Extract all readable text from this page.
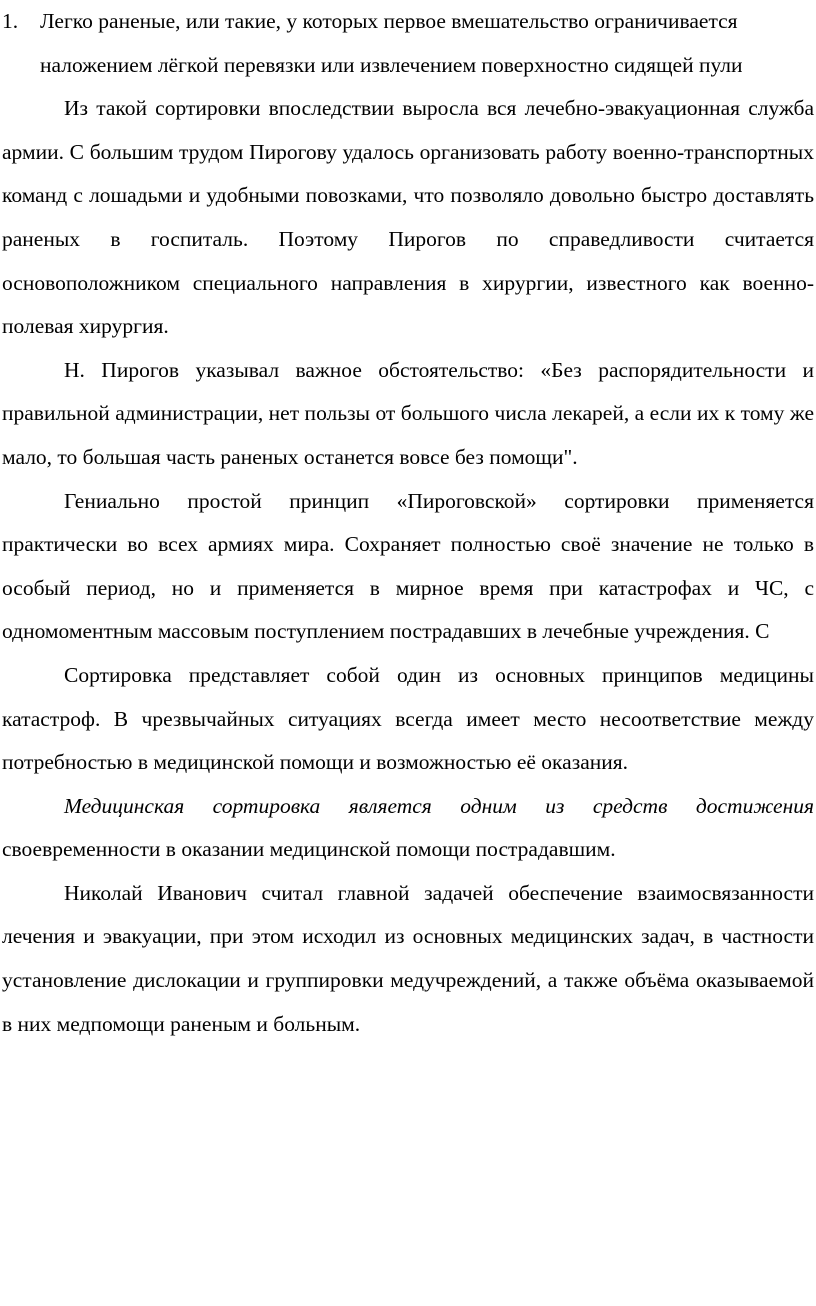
1.	Легко раненые, или такие, у которых первое вмешательство ограничивается наложением лёгкой перевязки или извлечением поверхностно сидящей пули

Из такой сортировки впоследствии выросла вся лечебно-эвакуационная служба армии. С большим трудом Пирогову удалось организовать работу военно-транспортных команд с лошадьми и удобными повозками, что позволяло довольно быстро доставлять раненых в госпиталь. Поэтому Пирогов по справедливости считается основоположником специального направления в хирургии, известного как военно-полевая хирургия.

Н. Пирогов указывал важное обстоятельство: «Без распорядительности и правильной администрации, нет пользы от большого числа лекарей, а если их к тому же мало, то большая часть раненых останется вовсе без помощи".

Гениально простой принцип «Пироговской» сортировки применяется практически во всех армиях мира. Сохраняет полностью своё значение не только в особый период, но и применяется в мирное время при катастрофах и ЧС, с одномоментным массовым поступлением пострадавших в лечебные учреждения. С

Сортировка представляет собой один из основных принципов медицины катастроф. В чрезвычайных ситуациях всегда имеет место несоответствие между потребностью в медицинской помощи и возможностью её оказания.

Медицинская сортировка является одним из средств достижения своевременности в оказании медицинской помощи пострадавшим.

Николай Иванович считал главной задачей обеспечение взаимосвязанности лечения и эвакуации, при этом исходил из основных медицинских задач, в частности установление дислокации и группировки медучреждений, а также объёма оказываемой в них медпомощи раненым и больным.
